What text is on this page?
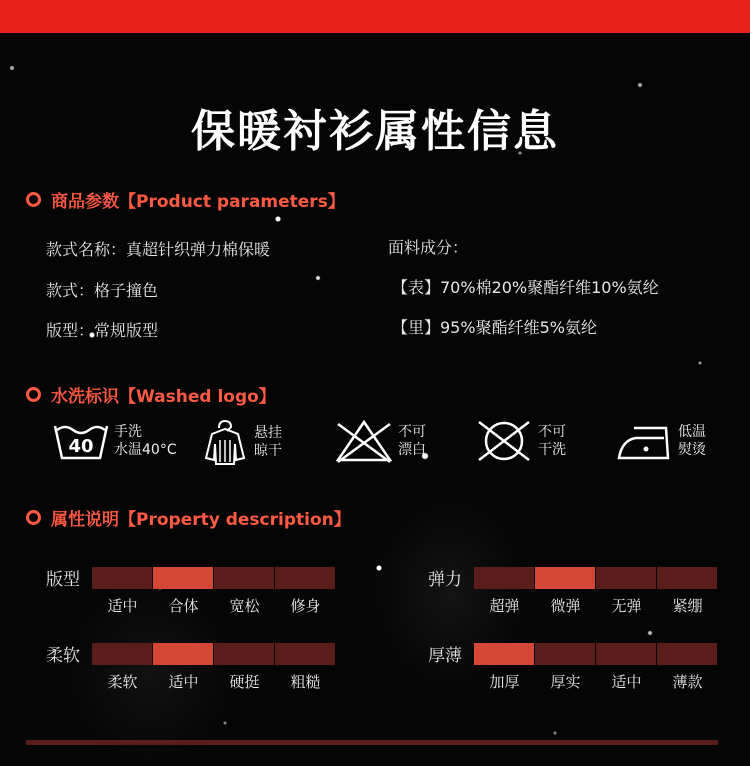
保暖衬衫属性信息
商品参数【Product parameters】
款式名称：真超针织弹力棉保暖
款式：格子撞色
版型：常规版型
面料成分：
【表】70%棉20%聚酯纤维10%氨纶
【里】95%聚酯纤维5%氨纶
水洗标识【Washed logo】
40
手洗
水温40°C
悬挂
晾干
不可
漂白
不可
干洗
低温
熨烫
属性说明【Property description】
版型
适中	合体	宽松	修身
弹力
超弹	微弹	无弹	紧绷
柔软
柔软	适中	硬挺	粗糙
厚薄
加厚	厚实	适中	薄款
